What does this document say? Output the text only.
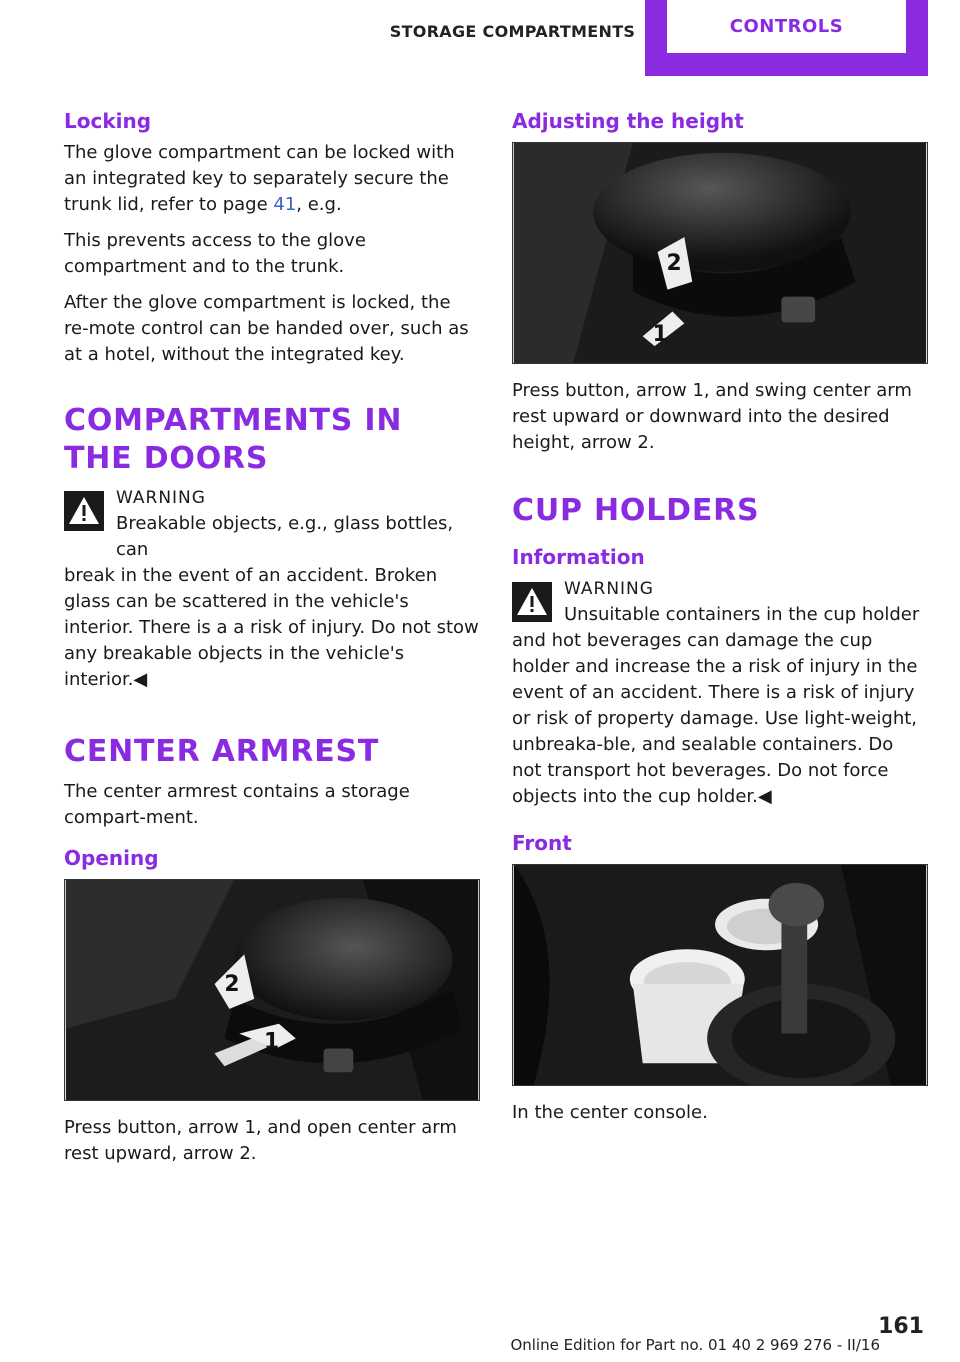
STORAGE COMPARTMENTS	CONTROLS
Locking

The glove compartment can be locked with an integrated key to separately secure the trunk lid, refer to page 41, e.g.

This prevents access to the glove compartment and to the trunk.

After the glove compartment is locked, the re-mote control can be handed over, such as at a hotel, without the integrated key.

COMPARTMENTS IN THE DOORS
WARNING
Breakable objects, e.g., glass bottles, can
break in the event of an accident. Broken glass can be scattered in the vehicle's interior. There is a a risk of injury. Do not stow any breakable objects in the vehicle's interior.◀
CENTER ARMREST

The center armrest contains a storage compart-ment.

Opening
1
2

Press button, arrow 1, and open center arm rest upward, arrow 2.

Adjusting the height
1
2

Press button, arrow 1, and swing center arm rest upward or downward into the desired height, arrow 2.

CUP HOLDERS
Information
WARNING
Unsuitable containers in the cup holder
and hot beverages can damage the cup holder and increase the a risk of injury in the event of an accident. There is a risk of injury or risk of property damage. Use light-weight, unbreaka-ble, and sealable containers. Do not transport hot beverages. Do not force objects into the cup holder.◀
Front

In the center console.

161
Online Edition for Part no. 01 40 2 969 276 - II/16
